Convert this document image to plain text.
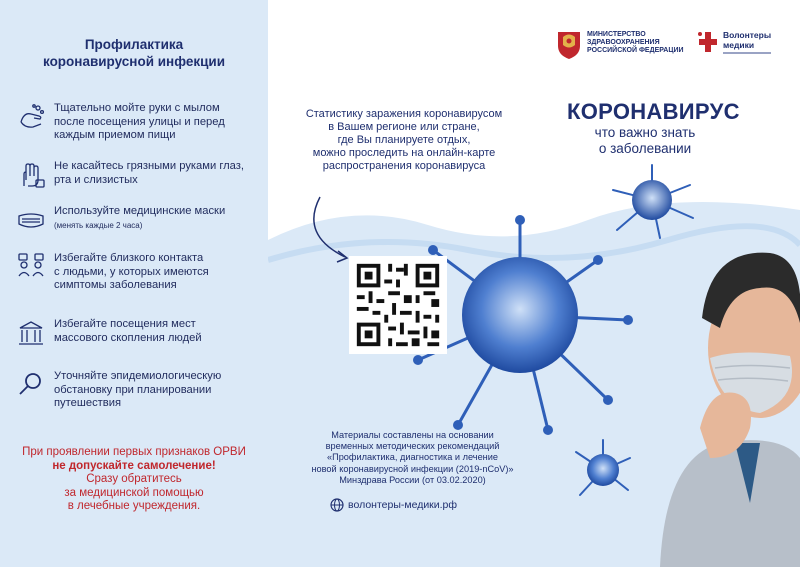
Профилактика
коронавирусной инфекции
Тщательно мойте руки с мылом
после посещения улицы и перед
каждым приемом пищи
Не касайтесь грязными руками глаз,
рта и слизистых
Используйте медицинские маски
(менять каждые 2 часа)
Избегайте близкого контакта
с людьми, у которых имеются
симптомы заболевания
Избегайте посещения мест
массового скопления людей
Уточняйте эпидемиологическую
обстановку при планировании
путешествия
При проявлении первых признаков ОРВИ
не допускайте самолечение!
Сразу обратитесь
за медицинской помощью
в лечебные учреждения.
Статистику заражения коронавирусом
в Вашем регионе или стране,
где Вы планируете отдых,
можно проследить на онлайн-карте
распространения коронавируса
Материалы составлены на основании
временных методических рекомендаций
«Профилактика, диагностика и лечение
новой коронавирусной инфекции (2019-nCoV)»
Минздрава России (от 03.02.2020)
волонтеры-медики.рф
МИНИСТЕРСТВО
ЗДРАВООХРАНЕНИЯ
РОССИЙСКОЙ ФЕДЕРАЦИИ
Волонтеры
медики
КОРОНАВИРУС
что важно знать
о заболевании
